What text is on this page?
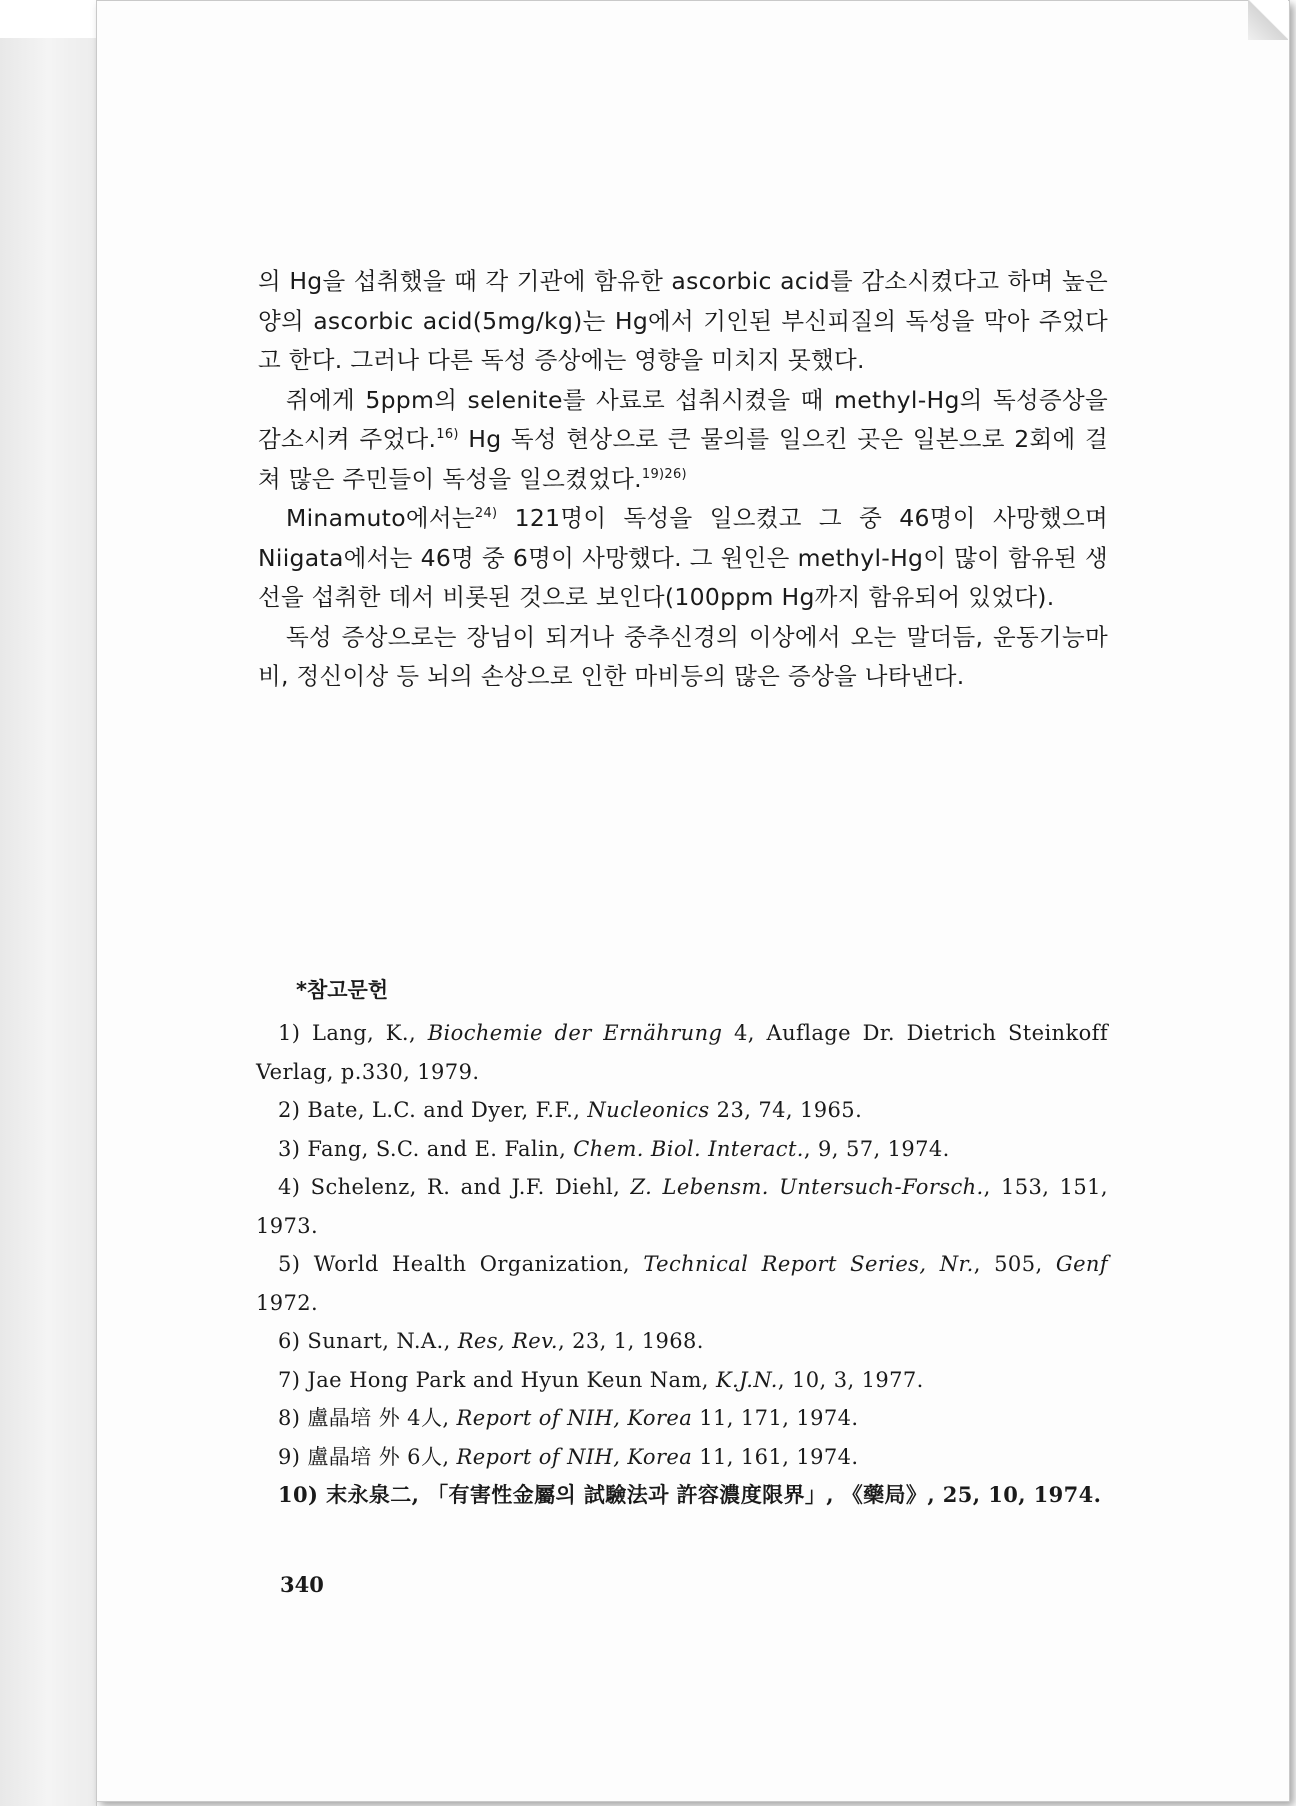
의 Hg을 섭취했을 때 각 기관에 함유한 ascorbic acid를 감소시켰다고 하며 높은 양의 ascorbic acid(5mg/kg)는 Hg에서 기인된 부신피질의 독성을 막아 주었다고 한다. 그러나 다른 독성 증상에는 영향을 미치지 못했다.

쥐에게 5ppm의 selenite를 사료로 섭취시켰을 때 methyl-Hg의 독성증상을 감소시켜 주었다.$^{16)}$ Hg 독성 현상으로 큰 물의를 일으킨 곳은 일본으로 2회에 걸쳐 많은 주민들이 독성을 일으켰었다.$^{19)26)}$

Minamuto에서는$^{24)}$ 121명이 독성을 일으켰고 그 중 46명이 사망했으며 Niigata에서는 46명 중 6명이 사망했다. 그 원인은 methyl-Hg이 많이 함유된 생선을 섭취한 데서 비롯된 것으로 보인다(100ppm Hg까지 함유되어 있었다).

독성 증상으로는 장님이 되거나 중추신경의 이상에서 오는 말더듬, 운동기능마비, 정신이상 등 뇌의 손상으로 인한 마비등의 많은 증상을 나타낸다.

*참고문헌

1) Lang, K., Biochemie der Ernährung 4, Auflage Dr. Dietrich Steinkoff Verlag, p.330, 1979.

2) Bate, L.C. and Dyer, F.F., Nucleonics 23, 74, 1965.

3) Fang, S.C. and E. Falin, Chem. Biol. Interact., 9, 57, 1974.

4) Schelenz, R. and J.F. Diehl, Z. Lebensm. Untersuch-Forsch., 153, 151, 1973.

5) World Health Organization, Technical Report Series, Nr., 505, Genf 1972.

6) Sunart, N.A., Res, Rev., 23, 1, 1968.

7) Jae Hong Park and Hyun Keun Nam, K.J.N., 10, 3, 1977.

8) 盧晶培 外 4人, Report of NIH, Korea 11, 171, 1974.

9) 盧晶培 外 6人, Report of NIH, Korea 11, 161, 1974.

10) 末永泉二, 「有害性金屬의 試驗法과 許容濃度限界」, 《藥局》, 25, 10, 1974.

340
